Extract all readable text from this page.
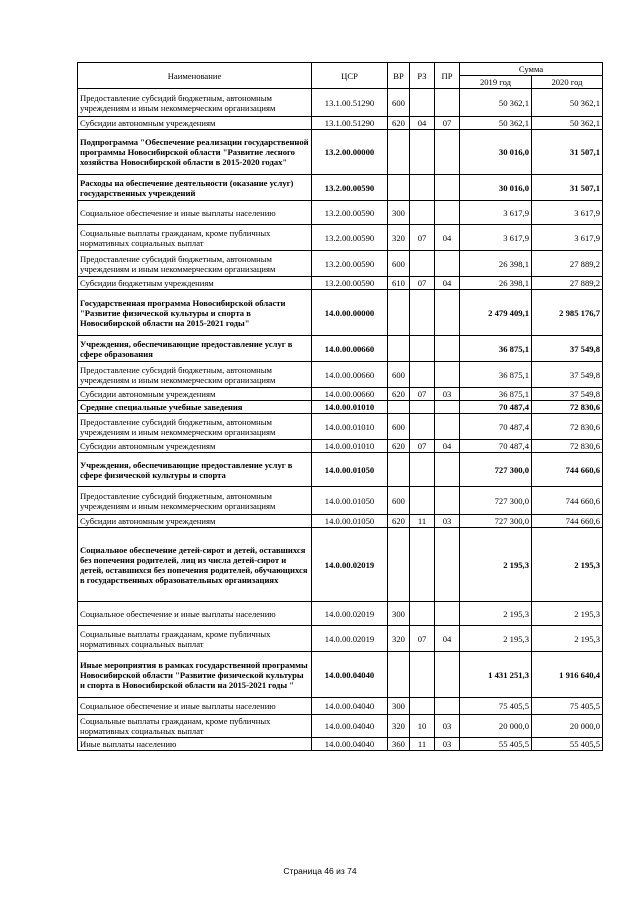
Наименование	ЦСР	ВР	РЗ	ПР	Сумма	
					2019 год	2020 год
Предоставление субсидий бюджетным, автономным учреждениям и иным некоммерческим организациям	13.1.00.51290	600			50 362,1	50 362,1
Субсидии автономным учреждениям	13.1.00.51290	620	04	07	50 362,1	50 362,1
Подпрограмма "Обеспечение реализации государственной программы Новосибирской области "Развитие лесного хозяйства Новосибирской области в 2015-2020 годах"	13.2.00.00000				30 016,0	31 507,1
Расходы на обеспечение деятельности (оказание услуг) государственных учреждений	13.2.00.00590				30 016,0	31 507,1
Социальное обеспечение и иные выплаты населению	13.2.00.00590	300			3 617,9	3 617,9
Социальные выплаты гражданам, кроме публичных нормативных социальных выплат	13.2.00.00590	320	07	04	3 617,9	3 617,9
Предоставление субсидий бюджетным, автономным учреждениям и иным некоммерческим организациям	13.2.00.00590	600			26 398,1	27 889,2
Субсидии бюджетным учреждениям	13.2.00.00590	610	07	04	26 398,1	27 889,2
Государственная программа Новосибирской области "Развитие физической культуры и спорта в Новосибирской области на 2015-2021 годы"	14.0.00.00000				2 479 409,1	2 985 176,7
Учреждения, обеспечивающие предоставление услуг в сфере образования	14.0.00.00660				36 875,1	37 549,8
Предоставление субсидий бюджетным, автономным учреждениям и иным некоммерческим организациям	14.0.00.00660	600			36 875,1	37 549,8
Субсидии автономным учреждениям	14.0.00.00660	620	07	03	36 875,1	37 549,8
Средние специальные учебные заведения	14.0.00.01010				70 487,4	72 830,6
Предоставление субсидий бюджетным, автономным учреждениям и иным некоммерческим организациям	14.0.00.01010	600			70 487,4	72 830,6
Субсидии автономным учреждениям	14.0.00.01010	620	07	04	70 487,4	72 830,6
Учреждения, обеспечивающие предоставление услуг в сфере физической культуры и спорта	14.0.00.01050				727 300,0	744 660,6
Предоставление субсидий бюджетным, автономным учреждениям и иным некоммерческим организациям	14.0.00.01050	600			727 300,0	744 660,6
Субсидии автономным учреждениям	14.0.00.01050	620	11	03	727 300,0	744 660,6
Социальное обеспечение детей-сирот и детей, оставшихся без попечения родителей, лиц из числа детей-сирот и детей, оставшихся без попечения родителей, обучающихся в государственных образовательных организациях	14.0.00.02019				2 195,3	2 195,3
Социальное обеспечение и иные выплаты населению	14.0.00.02019	300			2 195,3	2 195,3
Социальные выплаты гражданам, кроме публичных нормативных социальных выплат	14.0.00.02019	320	07	04	2 195,3	2 195,3
Иные мероприятия в рамках государственной программы Новосибирской области "Развитие физической культуры и спорта в Новосибирской области на 2015-2021 годы "	14.0.00.04040				1 431 251,3	1 916 640,4
Социальное обеспечение и иные выплаты населению	14.0.00.04040	300			75 405,5	75 405,5
Социальные выплаты гражданам, кроме публичных нормативных социальных выплат	14.0.00.04040	320	10	03	20 000,0	20 000,0
Иные выплаты населению	14.0.00.04040	360	11	03	55 405,5	55 405,5
Страница 46 из 74
